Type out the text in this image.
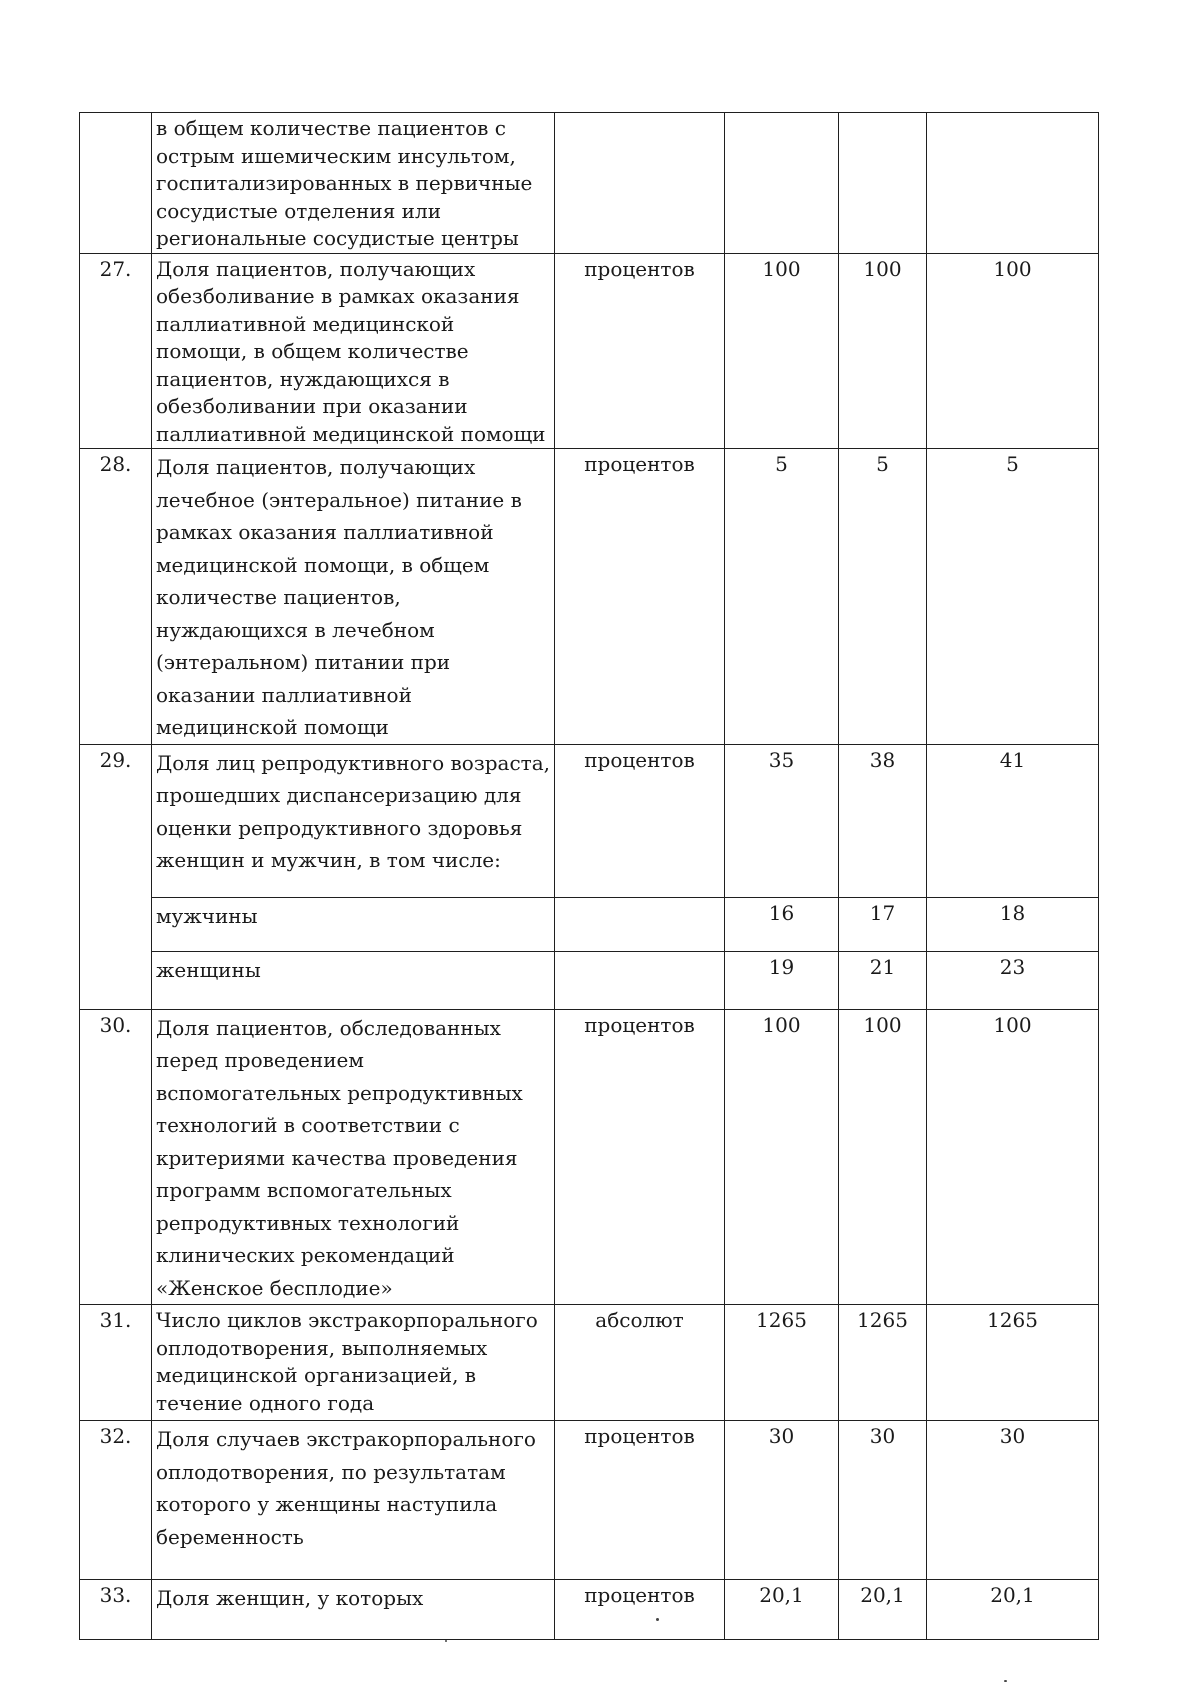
	в общем количестве пациентов с острым ишемическим инсультом, госпитализированных в первичные сосудистые отделения или региональные сосудистые центры				

27.	Доля пациентов, получающих обезболивание в рамках оказания паллиативной медицинской помощи, в общем количестве пациентов, нуждающихся в обезболивании при оказании паллиативной медицинской помощи	процентов	100	100	100
28.	Доля пациентов, получающих лечебное (энтеральное) питание в рамках оказания паллиативной медицинской помощи, в общем количестве пациентов, нуждающихся в лечебном (энтеральном) питании при оказании паллиативной медицинской помощи	процентов	5	5	5
29.	Доля лиц репродуктивного возраста, прошедших диспансеризацию для оценки репродуктивного здоровья женщин и мужчин, в том числе:	процентов	35	38	41

	мужчины		16	17	18

	женщины		19	21	23
30.	Доля пациентов, обследованных перед проведением вспомогательных репродуктивных технологий в соответствии с критериями качества проведения программ вспомогательных репродуктивных технологий клинических рекомендаций «Женское бесплодие»	процентов	100	100	100
31.	Число циклов экстракорпорального оплодотворения, выполняемых медицинской организацией, в течение одного года	абсолют	1265	1265	1265
32.	Доля случаев экстракорпорального оплодотворения, по результатам которого у женщины наступила беременность	процентов	30	30	30
33.	Доля женщин, у которых	процентов	20,1	20,1	20,1
